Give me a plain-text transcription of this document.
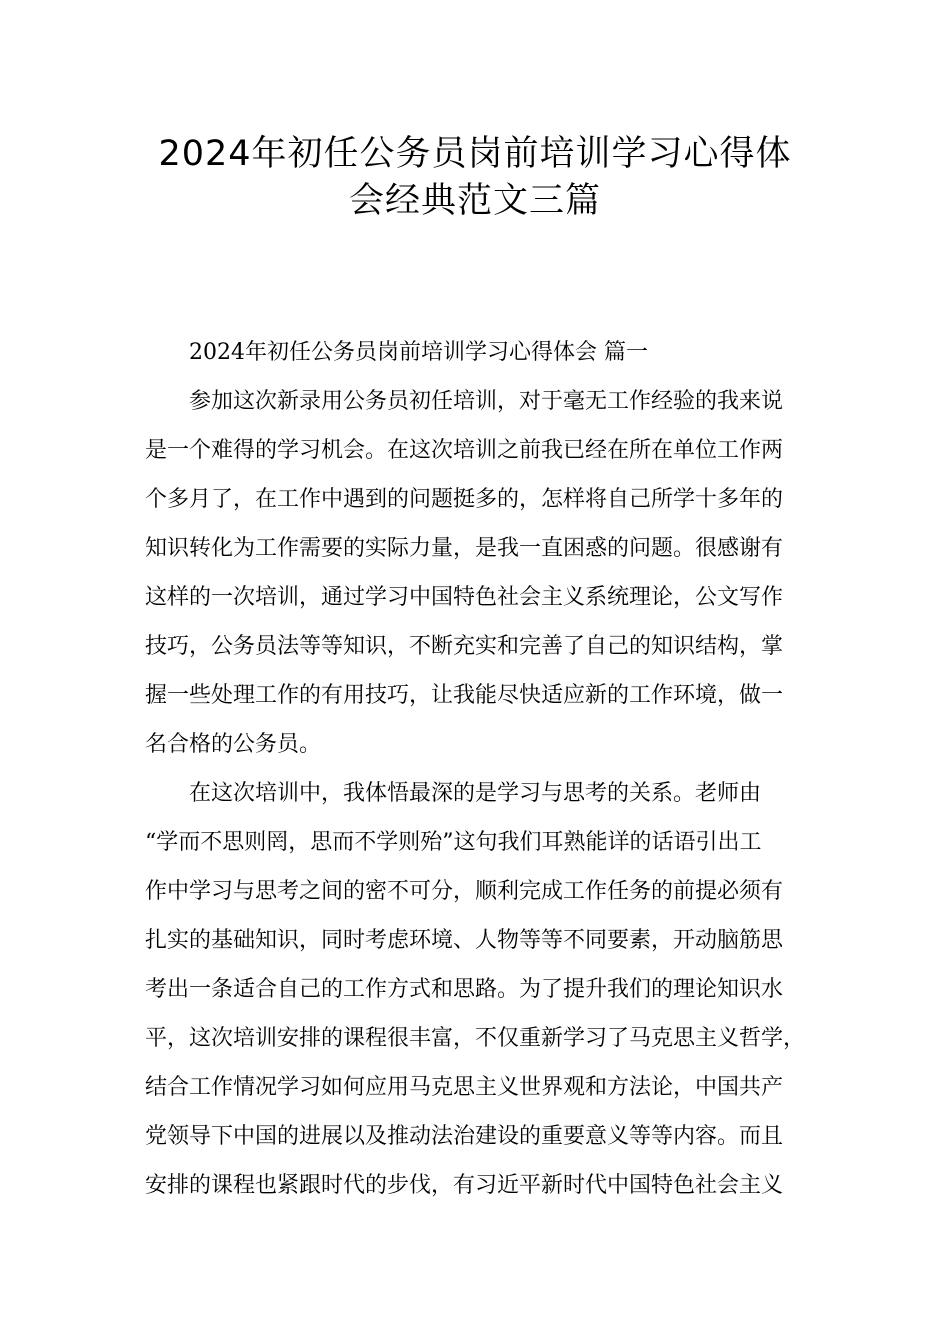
2024年初任公务员岗前培训学习心得体
会经典范文三篇

2024年初任公务员岗前培训学习心得体会 篇一

参加这次新录用公务员初任培训，对于毫无工作经验的我来说

是一个难得的学习机会。在这次培训之前我已经在所在单位工作两

个多月了，在工作中遇到的问题挺多的，怎样将自己所学十多年的

知识转化为工作需要的实际力量，是我一直困惑的问题。很感谢有

这样的一次培训，通过学习中国特色社会主义系统理论，公文写作

技巧，公务员法等等知识，不断充实和完善了自己的知识结构，掌

握一些处理工作的有用技巧，让我能尽快适应新的工作环境，做一

名合格的公务员。

在这次培训中，我体悟最深的是学习与思考的关系。老师由

“学而不思则罔，思而不学则殆”这句我们耳熟能详的话语引出工

作中学习与思考之间的密不可分，顺利完成工作任务的前提必须有

扎实的基础知识，同时考虑环境、人物等等不同要素，开动脑筋思

考出一条适合自己的工作方式和思路。为了提升我们的理论知识水

平，这次培训安排的课程很丰富，不仅重新学习了马克思主义哲学，

结合工作情况学习如何应用马克思主义世界观和方法论，中国共产

党领导下中国的进展以及推动法治建设的重要意义等等内容。而且

安排的课程也紧跟时代的步伐，有习近平新时代中国特色社会主义
